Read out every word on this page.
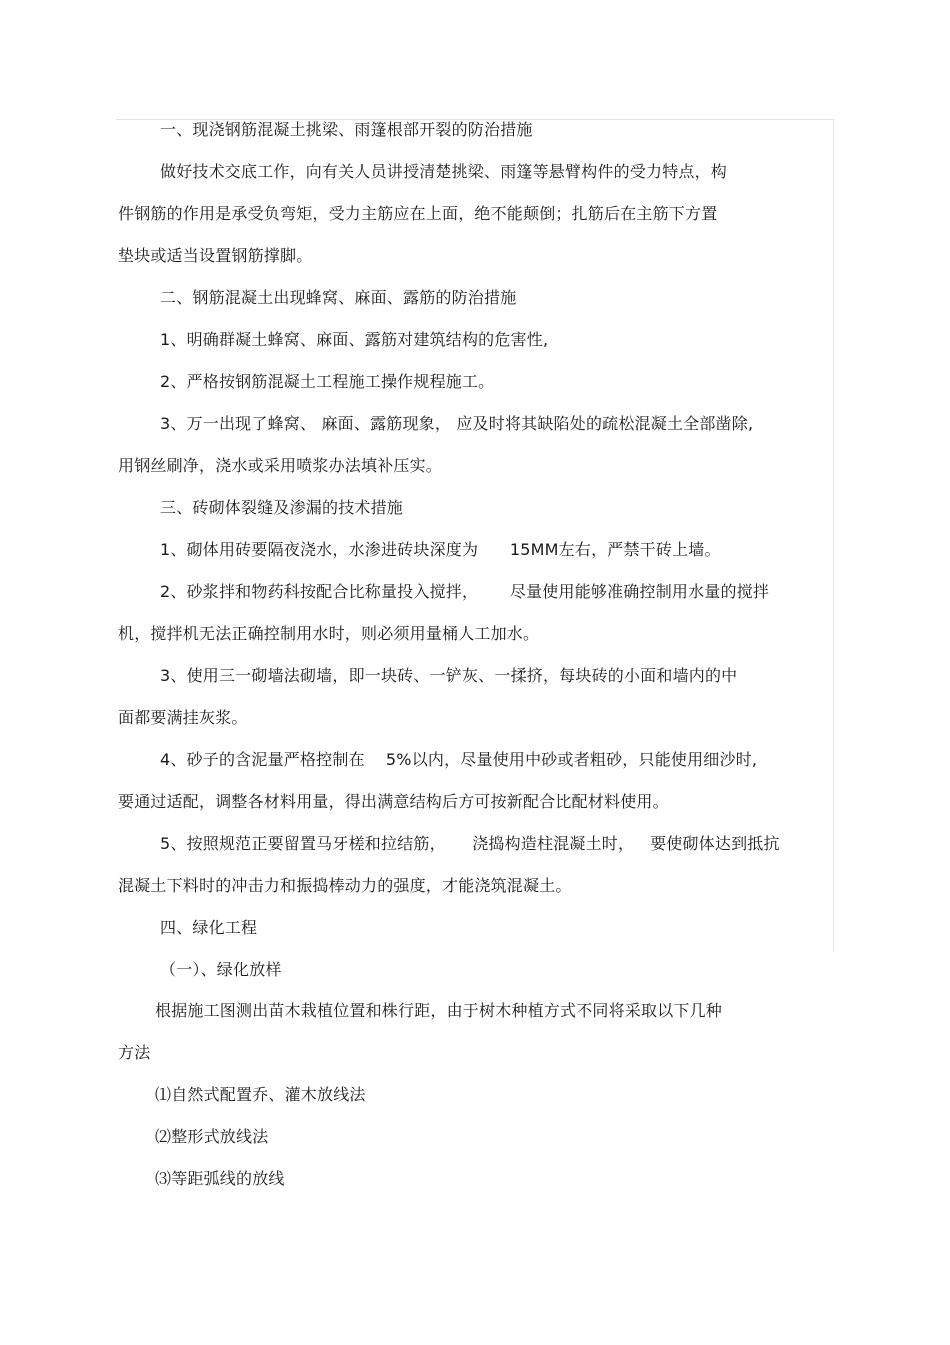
一、现浇钢筋混凝土挑梁、雨篷根部开裂的防治措施
做好技术交底工作，向有关人员讲授清楚挑梁、雨篷等悬臂构件的受力特点，构
件钢筋的作用是承受负弯矩，受力主筋应在上面，绝不能颠倒；扎筋后在主筋下方置
垫块或适当设置钢筋撑脚。
二、钢筋混凝土出现蜂窝、麻面、露筋的防治措施
1、明确群凝土蜂窝、麻面、露筋对建筑结构的危害性,
2、严格按钢筋混凝土工程施工操作规程施工。
3、万一出现了蜂窝、 麻面、露筋现象， 应及时将其缺陷处的疏松混凝土全部凿除,
用钢丝刷净，浇水或采用喷浆办法填补压实。
三、砖砌体裂缝及渗漏的技术措施
1、砌体用砖要隔夜浇水，水渗进砖块深度为      15MM左右，严禁干砖上墙。
2、砂浆拌和物药科按配合比称量投入搅拌，      尽量使用能够准确控制用水量的搅拌
机，搅拌机无法正确控制用水时，则必须用量桶人工加水。
3、使用三一砌墙法砌墙，即一块砖、一铲灰、一揉挤，每块砖的小面和墙内的中
面都要满挂灰浆。
4、砂子的含泥量严格控制在    5%以内，尽量使用中砂或者粗砂，只能使用细沙时,
要通过适配，调整各材料用量，得出满意结构后方可按新配合比配材料使用。
5、按照规范正要留置马牙槎和拉结筋，     浇捣构造柱混凝土时，   要使砌体达到抵抗
混凝土下料时的冲击力和振捣棒动力的强度，才能浇筑混凝土。
四、绿化工程
（一）、绿化放样
根据施工图测出苗木栽植位置和株行距，由于树木种植方式不同将采取以下几种
方法
⑴自然式配置乔、灌木放线法
⑵整形式放线法
⑶等距弧线的放线
